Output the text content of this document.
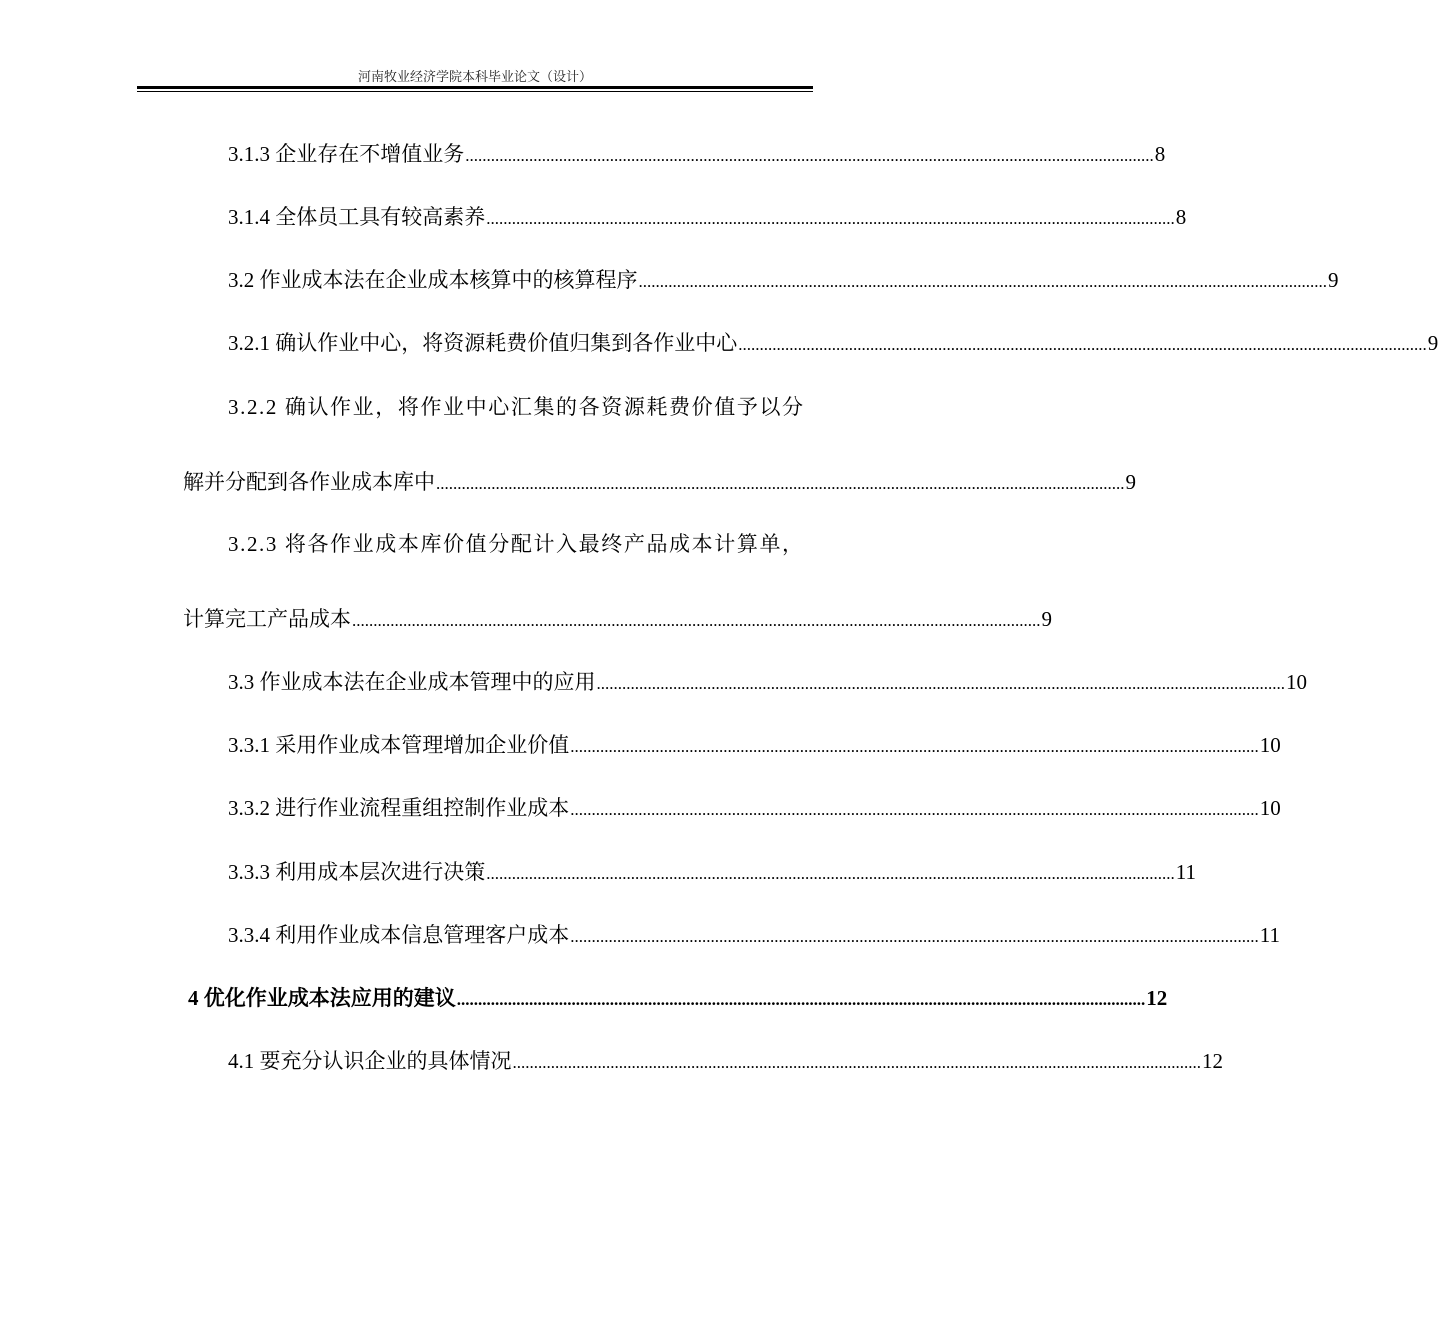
河南牧业经济学院本科毕业论文（设计）
3.1.3 企业存在不增值业务 .................................................................................................................................................................. 8
3.1.4 全体员工具有较高素养 .................................................................................................................................................................. 8
3.2 作业成本法在企业成本核算中的核算程序 .................................................................................................................................................................. 9
3.2.1 确认作业中心，将资源耗费价值归集到各作业中心 .................................................................................................................................................................. 9
3.2.2 确认作业，将作业中心汇集的各资源耗费价值予以分
解并分配到各作业成本库中 .................................................................................................................................................................. 9
3.2.3 将各作业成本库价值分配计入最终产品成本计算单，
计算完工产品成本 .................................................................................................................................................................. 9
3.3 作业成本法在企业成本管理中的应用 .................................................................................................................................................................. 10
3.3.1 采用作业成本管理增加企业价值 .................................................................................................................................................................. 10
3.3.2 进行作业流程重组控制作业成本 .................................................................................................................................................................. 10
3.3.3 利用成本层次进行决策 .................................................................................................................................................................. 11
3.3.4 利用作业成本信息管理客户成本 .................................................................................................................................................................. 11
4 优化作业成本法应用的建议 .................................................................................................................................................................. 12
4.1 要充分认识企业的具体情况 .................................................................................................................................................................. 12
